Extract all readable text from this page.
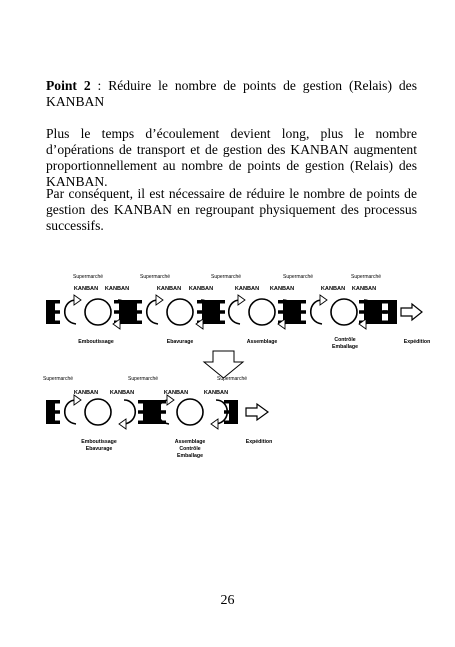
Point 2 : Réduire le nombre de points de gestion (Relais) des KANBAN

Plus le temps d’écoulement devient long, plus le nombre d’opérations de transport et de gestion des KANBAN augmentent proportionnellement au nombre de points de gestion (Relais) des KANBAN.

Par conséquent, il est nécessaire de réduire le nombre de points de gestion des KANBAN en regroupant physiquement des processus successifs.

Supermarché	Supermarché	Supermarché	Supermarché	Supermarché
KANBAN KANBAN	KANBAN KANBAN	KANBAN KANBAN	KANBAN KANBAN
Emboutissage	Ebavurage	Assemblage	Contrôle
Emballage
Expédition
Supermarché	Supermarché	Supermarché
KANBAN KANBAN	KANBAN	KANBAN
Emboutissage
Ebavurage
Assemblage
Contrôle
Emballage
Expédition
26
